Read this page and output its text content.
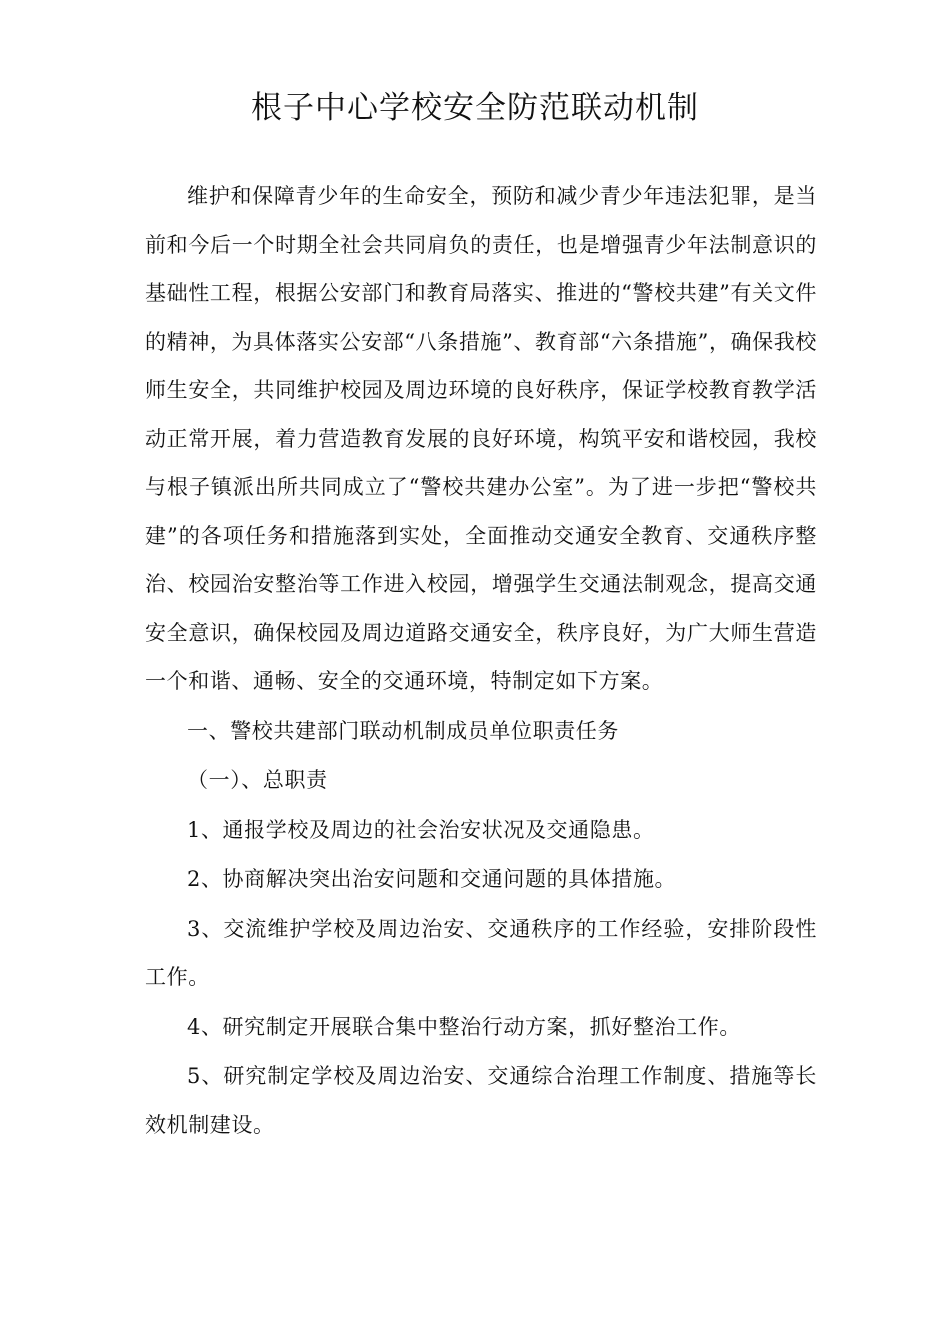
根子中心学校安全防范联动机制

维护和保障青少年的生命安全，预防和减少青少年违法犯罪，是当前和今后一个时期全社会共同肩负的责任，也是增强青少年法制意识的基础性工程，根据公安部门和教育局落实、推进的“警校共建”有关文件的精神，为具体落实公安部“八条措施”、教育部“六条措施”，确保我校师生安全，共同维护校园及周边环境的良好秩序，保证学校教育教学活动正常开展，着力营造教育发展的良好环境，构筑平安和谐校园，我校与根子镇派出所共同成立了“警校共建办公室”。为了进一步把“警校共建”的各项任务和措施落到实处，全面推动交通安全教育、交通秩序整治、校园治安整治等工作进入校园，增强学生交通法制观念，提高交通安全意识，确保校园及周边道路交通安全，秩序良好，为广大师生营造一个和谐、通畅、安全的交通环境，特制定如下方案。

一、警校共建部门联动机制成员单位职责任务

（一）、总职责

1、通报学校及周边的社会治安状况及交通隐患。

2、协商解决突出治安问题和交通问题的具体措施。

3、交流维护学校及周边治安、交通秩序的工作经验，安排阶段性工作。

4、研究制定开展联合集中整治行动方案，抓好整治工作。

5、研究制定学校及周边治安、交通综合治理工作制度、措施等长效机制建设。
